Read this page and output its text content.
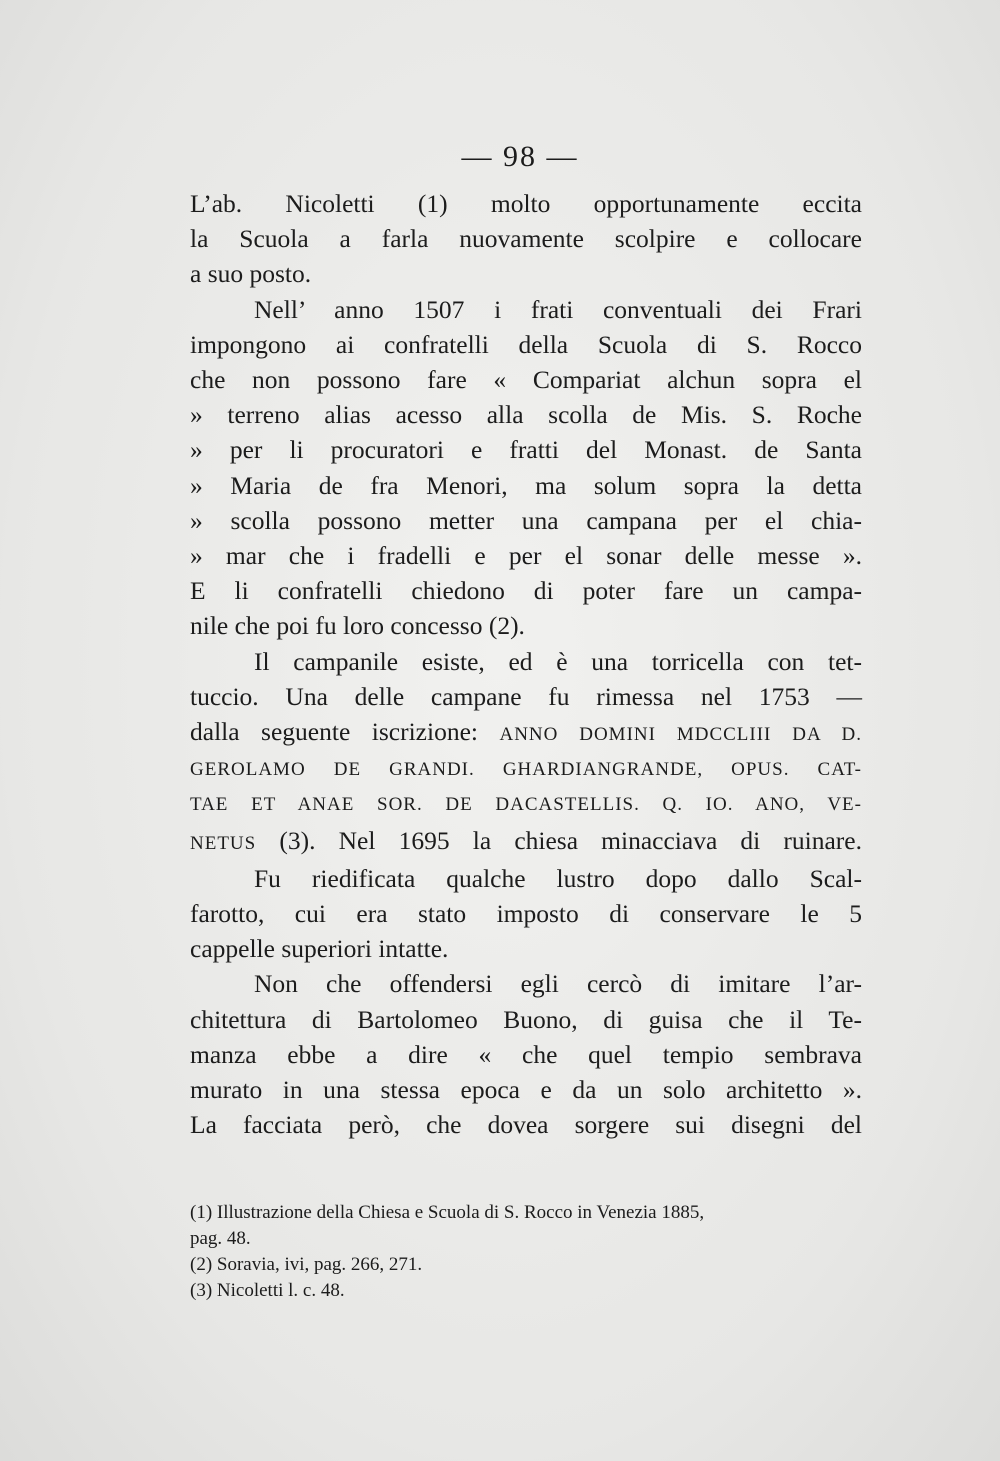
— 98 —
L’ab. Nicoletti (1) molto opportunamente eccita
la Scuola a farla nuovamente scolpire e collocare
a suo posto.
Nell’ anno 1507 i frati conventuali dei Frari
impongono ai confratelli della Scuola di S. Rocco
che non possono fare « Compariat alchun sopra el
» terreno alias acesso alla scolla de Mis. S. Roche
» per li procuratori e fratti del Monast. de Santa
» Maria de fra Menori, ma solum sopra la detta
» scolla possono metter una campana per el chia-
» mar che i fradelli e per el sonar delle messe ».
E li confratelli chiedono di poter fare un campa-
nile che poi fu loro concesso (2).
Il campanile esiste, ed è una torricella con tet-
tuccio. Una delle campane fu rimessa nel 1753 —
dalla seguente iscrizione: ANNO DOMINI MDCCLIII DA D.
GEROLAMO DE GRANDI. GHARDIANGRANDE, OPUS. CAT-
TAE ET ANAE SOR. DE DACASTELLIS. Q. IO. ANO, VE-
NETUS (3). Nel 1695 la chiesa minacciava di ruinare.
Fu riedificata qualche lustro dopo dallo Scal-
farotto, cui era stato imposto di conservare le 5
cappelle superiori intatte.
Non che offendersi egli cercò di imitare l’ar-
chitettura di Bartolomeo Buono, di guisa che il Te-
manza ebbe a dire « che quel tempio sembrava
murato in una stessa epoca e da un solo architetto ».
La facciata però, che dovea sorgere sui disegni del
(1) Illustrazione della Chiesa e Scuola di S. Rocco in Venezia 1885,
pag. 48.
(2) Soravia, ivi, pag. 266, 271.
(3) Nicoletti l. c. 48.
